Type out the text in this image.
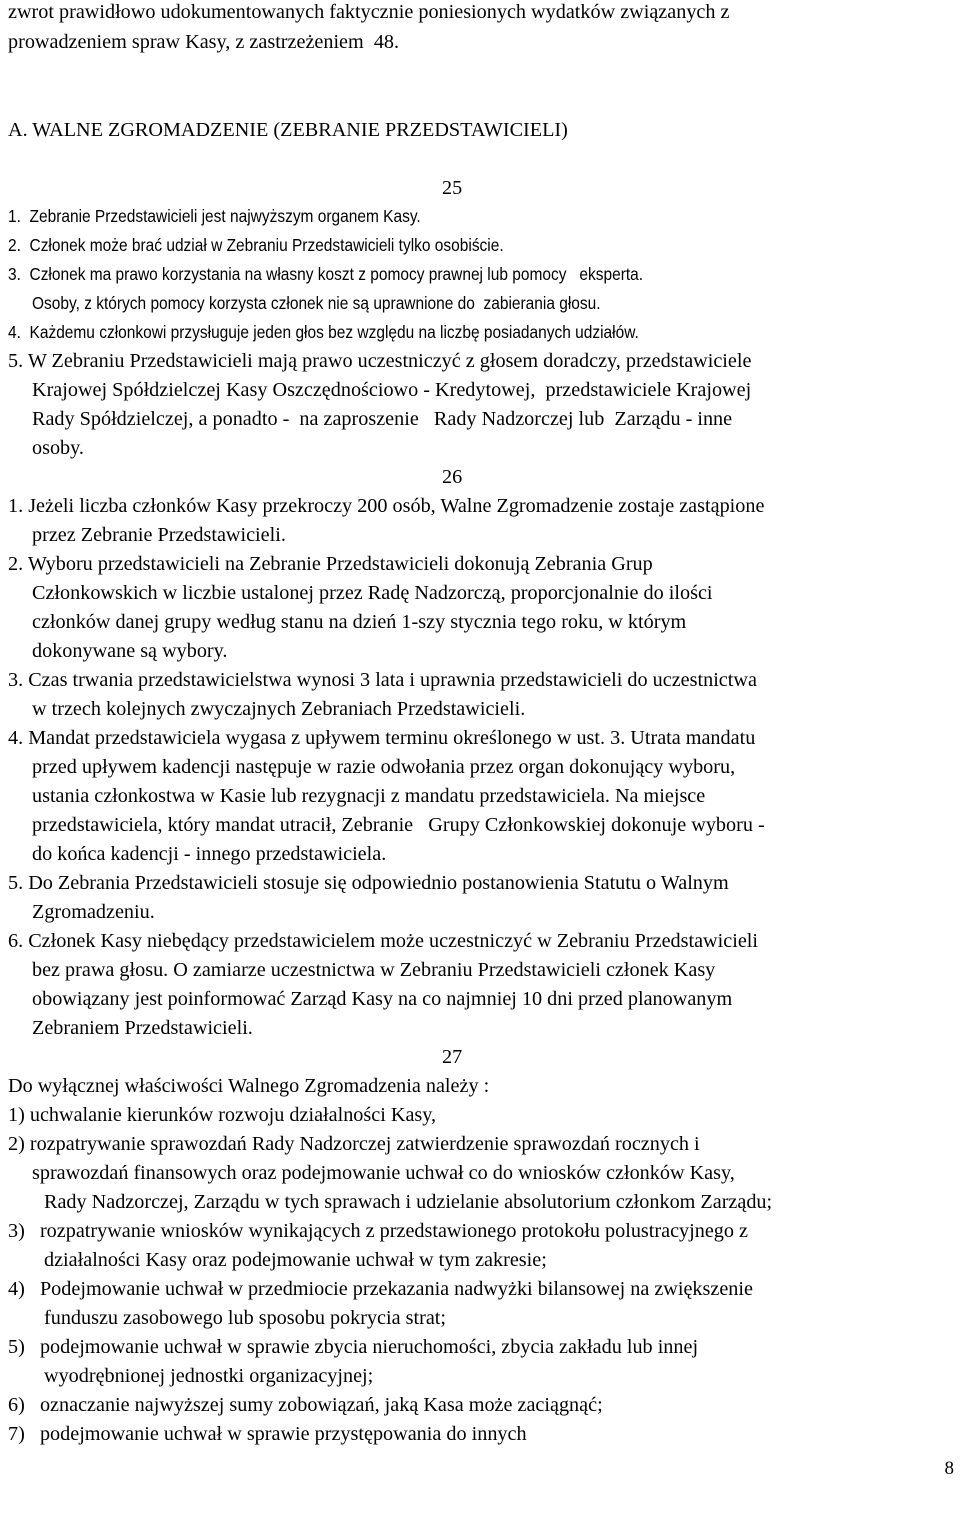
zwrot prawidłowo udokumentowanych faktycznie poniesionych wydatków związanych z
prowadzeniem spraw Kasy, z zastrzeżeniem  48.
A. WALNE ZGROMADZENIE (ZEBRANIE PRZEDSTAWICIELI)
25
1.  Zebranie Przedstawicieli jest najwyższym organem Kasy.
2.  Członek może brać udział w Zebraniu Przedstawicieli tylko osobiście.
3.  Członek ma prawo korzystania na własny koszt z pomocy prawnej lub pomocy   eksperta.
Osoby, z których pomocy korzysta członek nie są uprawnione do  zabierania głosu.
4.  Każdemu członkowi przysługuje jeden głos bez względu na liczbę posiadanych udziałów.
5. W Zebraniu Przedstawicieli mają prawo uczestniczyć z głosem doradczy, przedstawiciele
Krajowej Spółdzielczej Kasy Oszczędnościowo - Kredytowej,  przedstawiciele Krajowej
Rady Spółdzielczej, a ponadto -  na zaproszenie   Rady Nadzorczej lub  Zarządu - inne
osoby.
26
1. Jeżeli liczba członków Kasy przekroczy 200 osób, Walne Zgromadzenie zostaje zastąpione
przez Zebranie Przedstawicieli.
2. Wyboru przedstawicieli na Zebranie Przedstawicieli dokonują Zebrania Grup
Członkowskich w liczbie ustalonej przez Radę Nadzorczą, proporcjonalnie do ilości
członków danej grupy według stanu na dzień 1-szy stycznia tego roku, w którym
dokonywane są wybory.
3. Czas trwania przedstawicielstwa wynosi 3 lata i uprawnia przedstawicieli do uczestnictwa
w trzech kolejnych zwyczajnych Zebraniach Przedstawicieli.
4. Mandat przedstawiciela wygasa z upływem terminu określonego w ust. 3. Utrata mandatu
przed upływem kadencji następuje w razie odwołania przez organ dokonujący wyboru,
ustania członkostwa w Kasie lub rezygnacji z mandatu przedstawiciela. Na miejsce
przedstawiciela, który mandat utracił, Zebranie   Grupy Członkowskiej dokonuje wyboru -
do końca kadencji - innego przedstawiciela.
5. Do Zebrania Przedstawicieli stosuje się odpowiednio postanowienia Statutu o Walnym
Zgromadzeniu.
6. Członek Kasy niebędący przedstawicielem może uczestniczyć w Zebraniu Przedstawicieli
bez prawa głosu. O zamiarze uczestnictwa w Zebraniu Przedstawicieli członek Kasy
obowiązany jest poinformować Zarząd Kasy na co najmniej 10 dni przed planowanym
Zebraniem Przedstawicieli.
27
Do wyłącznej właściwości Walnego Zgromadzenia należy :
1) uchwalanie kierunków rozwoju działalności Kasy,
2) rozpatrywanie sprawozdań Rady Nadzorczej zatwierdzenie sprawozdań rocznych i
sprawozdań finansowych oraz podejmowanie uchwał co do wniosków członków Kasy,
Rady Nadzorczej, Zarządu w tych sprawach i udzielanie absolutorium członkom Zarządu;
3)   rozpatrywanie wniosków wynikających z przedstawionego protokołu polustracyjnego z
działalności Kasy oraz podejmowanie uchwał w tym zakresie;
4)   Podejmowanie uchwał w przedmiocie przekazania nadwyżki bilansowej na zwiększenie
funduszu zasobowego lub sposobu pokrycia strat;
5)   podejmowanie uchwał w sprawie zbycia nieruchomości, zbycia zakładu lub innej
wyodrębnionej jednostki organizacyjnej;
6)   oznaczanie najwyższej sumy zobowiązań, jaką Kasa może zaciągnąć;
7)   podejmowanie uchwał w sprawie przystępowania do innych
8
